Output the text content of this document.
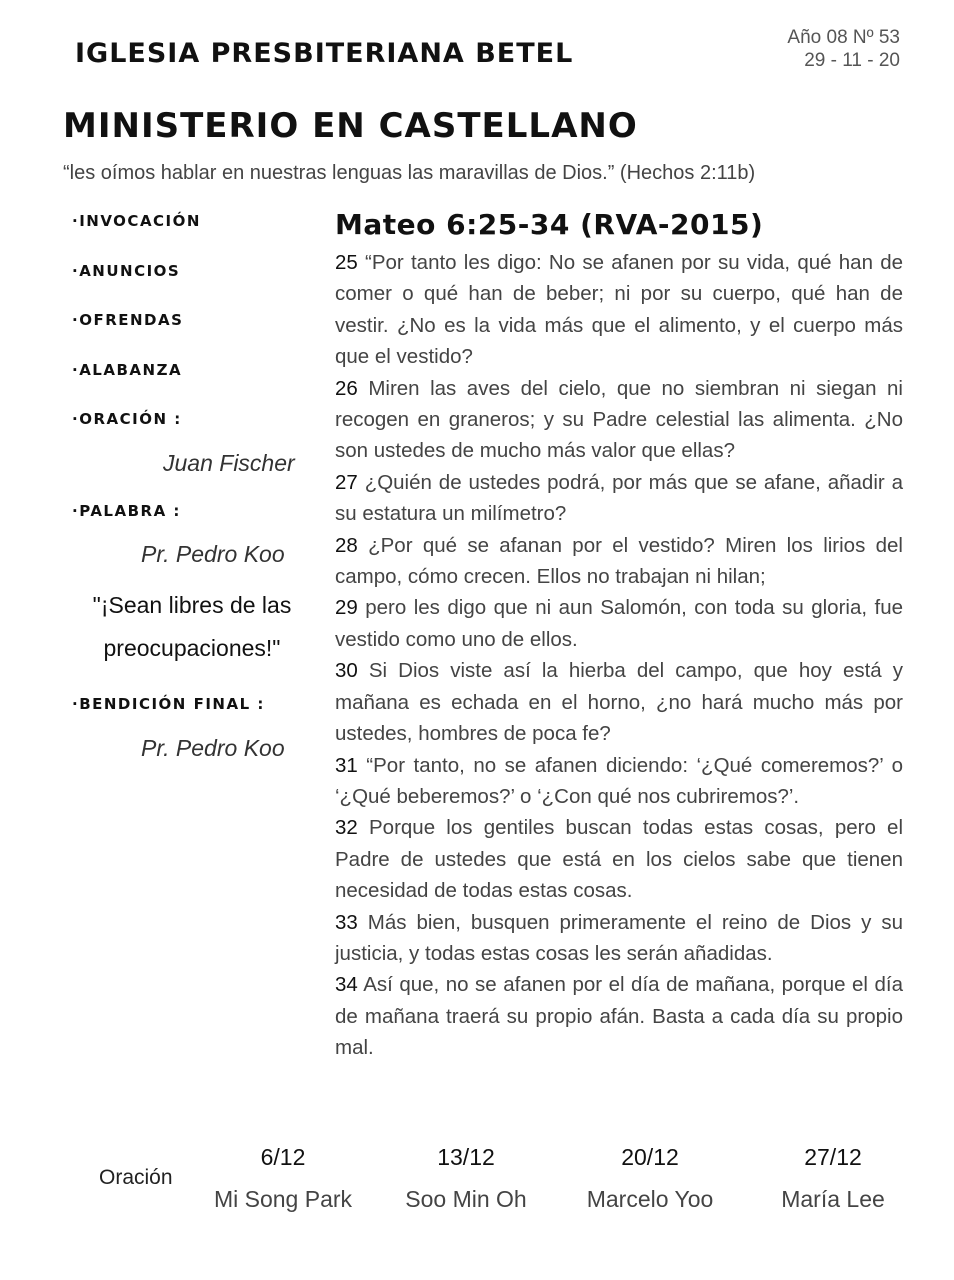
IGLESIA PRESBITERIANA BETEL
Año 08 Nº 53
29 - 11 - 20
MINISTERIO EN CASTELLANO
“les oímos hablar en nuestras lenguas las maravillas de Dios.” (Hechos 2:11b)
·INVOCACIÓN
·ANUNCIOS
·OFRENDAS
·ALABANZA
·ORACIÓN :
Juan Fischer
·PALABRA :
Pr. Pedro Koo
"¡Sean libres de las
preocupaciones!"
·BENDICIÓN FINAL :
Pr. Pedro Koo
Mateo 6:25-34 (RVA-2015)

25 “Por tanto les digo: No se afanen por su vida, qué han de comer o qué han de beber; ni por su cuerpo, qué han de vestir. ¿No es la vida más que el alimento, y el cuerpo más que el vestido?

26 Miren las aves del cielo, que no siembran ni siegan ni recogen en graneros; y su Padre celestial las alimenta. ¿No son ustedes de mucho más valor que ellas?

27 ¿Quién de ustedes podrá, por más que se afane, añadir a su estatura un milímetro?

28 ¿Por qué se afanan por el vestido? Miren los lirios del campo, cómo crecen. Ellos no trabajan ni hilan;

29 pero les digo que ni aun Salomón, con toda su gloria, fue vestido como uno de ellos.

30 Si Dios viste así la hierba del campo, que hoy está y mañana es echada en el horno, ¿no hará mucho más por ustedes, hombres de poca fe?

31 “Por tanto, no se afanen diciendo: ‘¿Qué comeremos?’ o ‘¿Qué beberemos?’ o ‘¿Con qué nos cubriremos?’.

32 Porque los gentiles buscan todas estas cosas, pero el Padre de ustedes que está en los cielos sabe que tienen necesidad de todas estas cosas.

33 Más bien, busquen primeramente el reino de Dios y su justicia, y todas estas cosas les serán añadidas.

34 Así que, no se afanen por el día de mañana, porque el día de mañana traerá su propio afán. Basta a cada día su propio mal.

Oración
6/12
Mi Song Park
13/12
Soo Min Oh
20/12
Marcelo Yoo
27/12
María Lee
